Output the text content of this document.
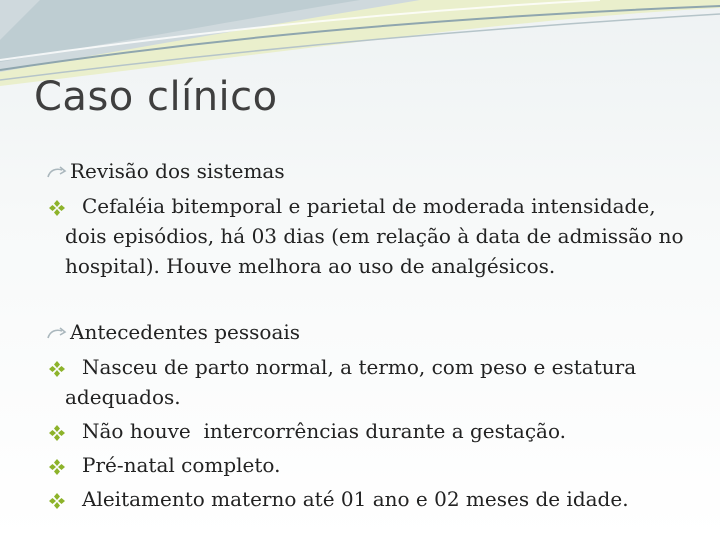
Caso clínico
Revisão dos sistemas
Cefaléia bitemporal e parietal de moderada intensidade,
dois episódios, há 03 dias (em relação à data de admissão no
hospital). Houve melhora ao uso de analgésicos.
Antecedentes pessoais
Nasceu de parto normal, a termo, com peso e estatura
adequados.
Não houve  intercorrências durante a gestação.
Pré-natal completo.
Aleitamento materno até 01 ano e 02 meses de idade.
